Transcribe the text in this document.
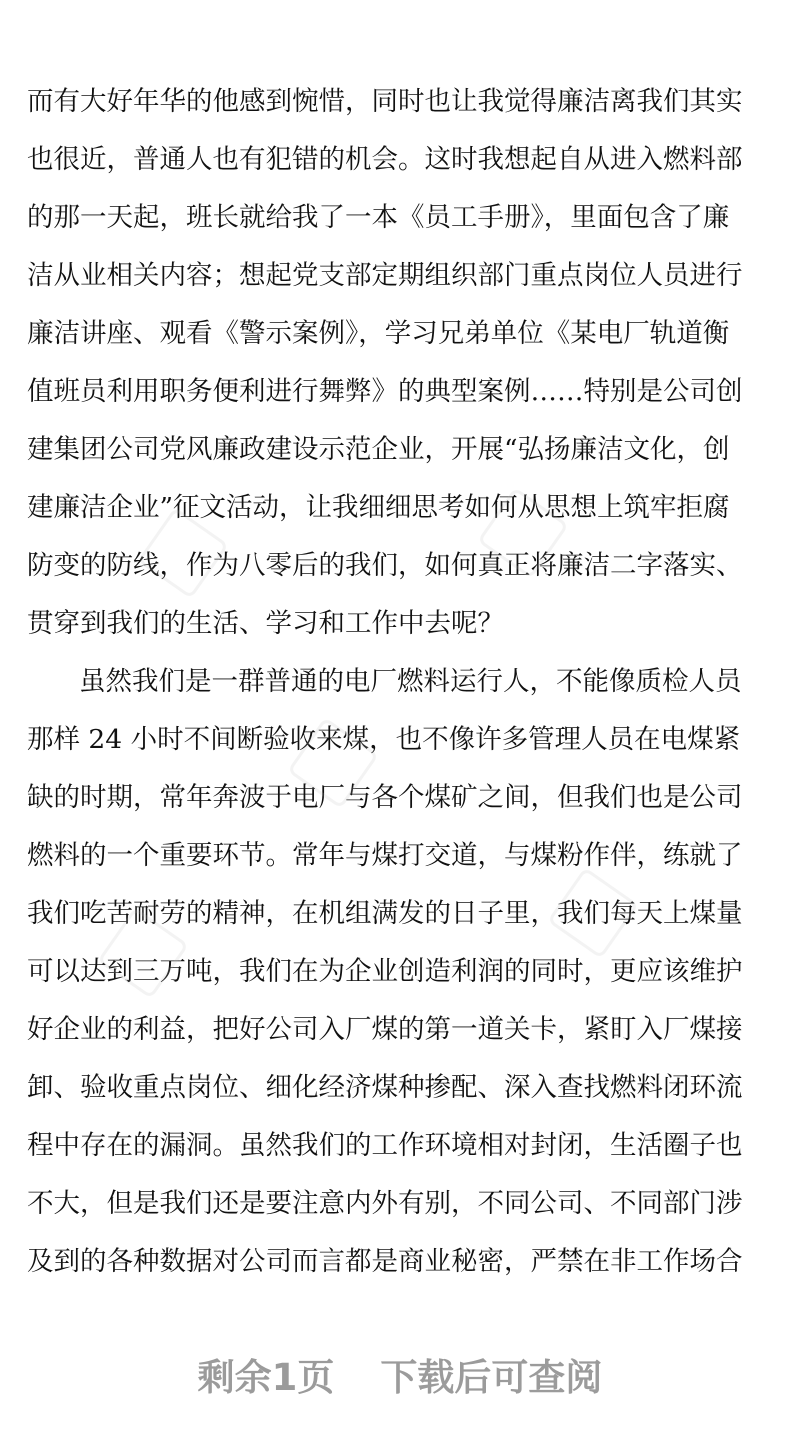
而有大好年华的他感到惋惜，同时也让我觉得廉洁离我们其实
也很近，普通人也有犯错的机会。这时我想起自从进入燃料部
的那一天起，班长就给我了一本《员工手册》，里面包含了廉
洁从业相关内容；想起党支部定期组织部门重点岗位人员进行
廉洁讲座、观看《警示案例》，学习兄弟单位《某电厂轨道衡
值班员利用职务便利进行舞弊》的典型案例……特别是公司创
建集团公司党风廉政建设示范企业，开展“弘扬廉洁文化，创
建廉洁企业”征文活动，让我细细思考如何从思想上筑牢拒腐
防变的防线，作为八零后的我们，如何真正将廉洁二字落实、
贯穿到我们的生活、学习和工作中去呢？
虽然我们是一群普通的电厂燃料运行人，不能像质检人员
那样 24 小时不间断验收来煤，也不像许多管理人员在电煤紧
缺的时期，常年奔波于电厂与各个煤矿之间，但我们也是公司
燃料的一个重要环节。常年与煤打交道，与煤粉作伴，练就了
我们吃苦耐劳的精神，在机组满发的日子里，我们每天上煤量
可以达到三万吨，我们在为企业创造利润的同时，更应该维护
好企业的利益，把好公司入厂煤的第一道关卡，紧盯入厂煤接
卸、验收重点岗位、细化经济煤种掺配、深入查找燃料闭环流
程中存在的漏洞。虽然我们的工作环境相对封闭，生活圈子也
不大，但是我们还是要注意内外有别，不同公司、不同部门涉
及到的各种数据对公司而言都是商业秘密，严禁在非工作场合
剩余1页 下载后可查阅
